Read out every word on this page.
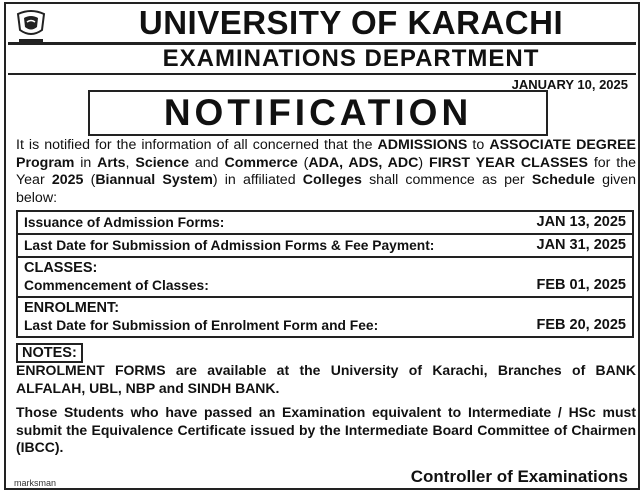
UNIVERSITY OF KARACHI
EXAMINATIONS DEPARTMENT
JANUARY 10, 2025
NOTIFICATION
It is notified for the information of all concerned that the ADMISSIONS to ASSOCIATE DEGREE Program in Arts, Science and Commerce (ADA, ADS, ADC) FIRST YEAR CLASSES for the Year 2025 (Biannual System) in affiliated Colleges shall commence as per Schedule given below:
Issuance of Admission Forms:	JAN 13, 2025
Last Date for Submission of Admission Forms & Fee Payment:	JAN 31, 2025
CLASSES:
Commencement of Classes:	FEB 01, 2025
ENROLMENT:
Last Date for Submission of Enrolment Form and Fee:	FEB 20, 2025
NOTES:
ENROLMENT FORMS are available at the University of Karachi, Branches of BANK ALFALAH, UBL, NBP and SINDH BANK.
Those Students who have passed an Examination equivalent to Intermediate / HSc must submit the Equivalence Certificate issued by the Intermediate Board Committee of Chairmen (IBCC).
marksman	Controller of Examinations
